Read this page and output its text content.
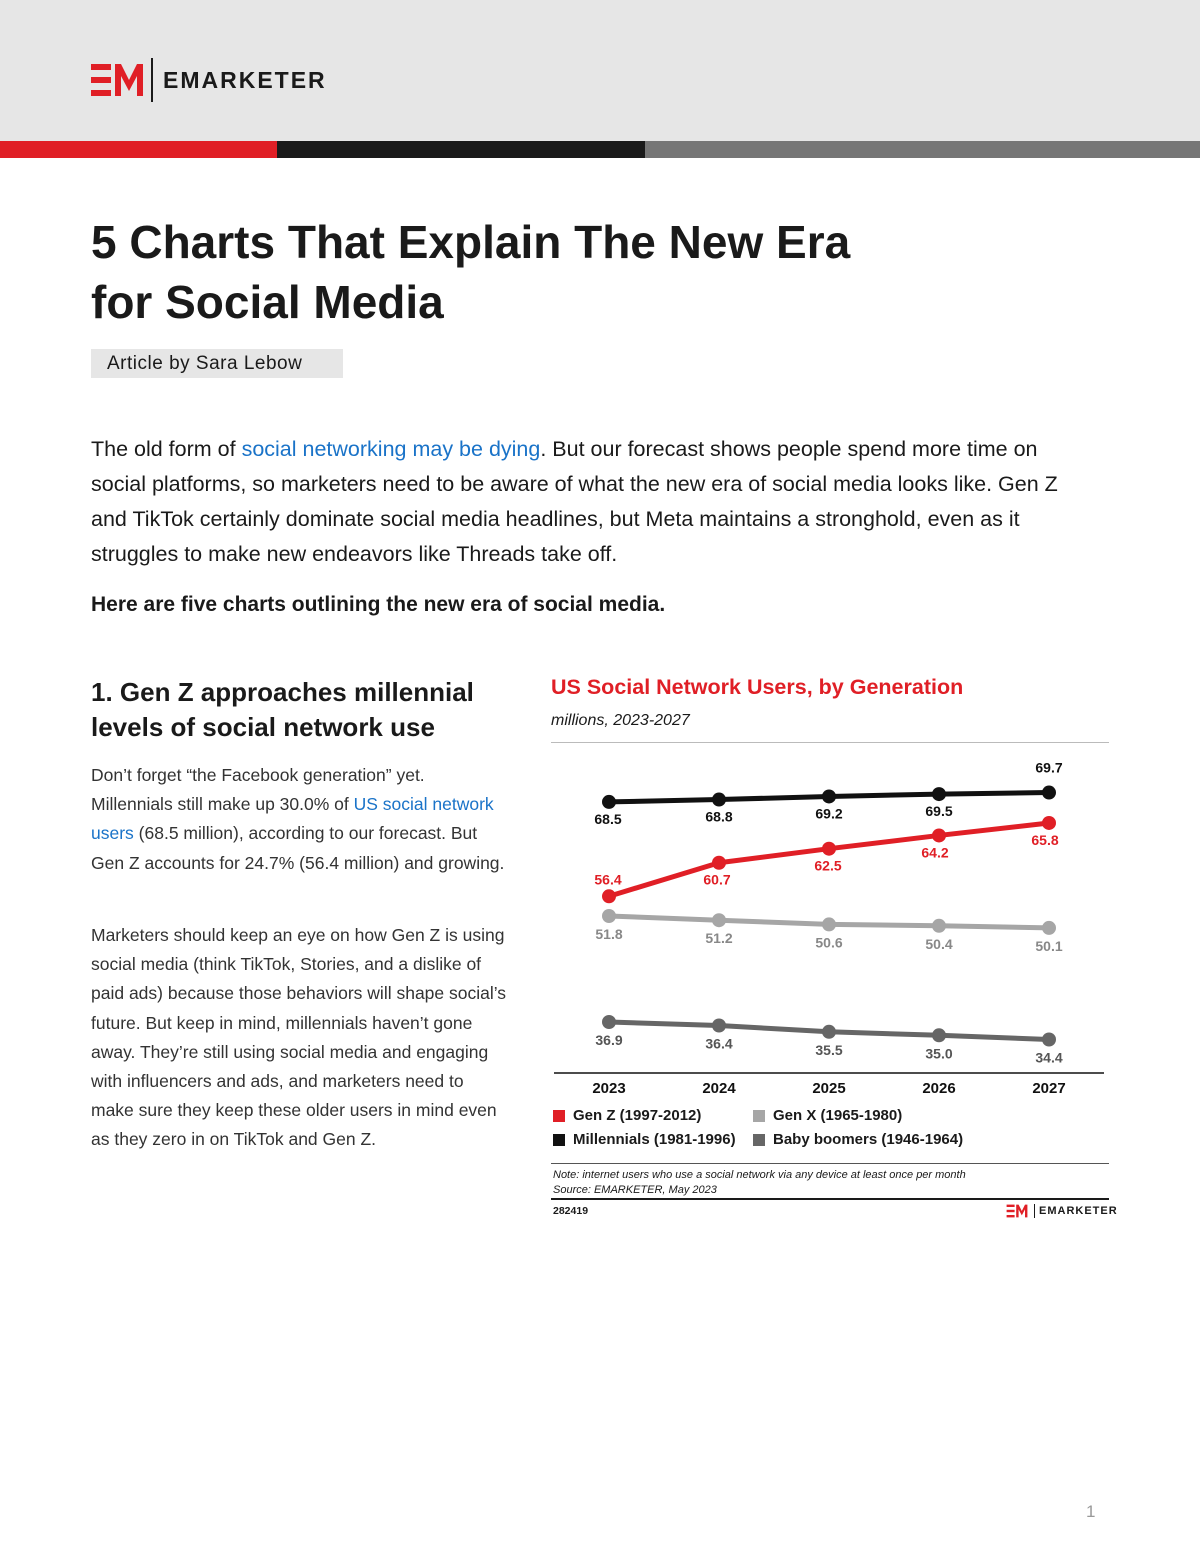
EMARKETER
5 Charts That Explain The New Era
for Social Media
Article by Sara Lebow

The old form of social networking may be dying. But our forecast shows people spend more time on social platforms, so marketers need to be aware of what the new era of social media looks like. Gen Z and TikTok certainly dominate social media headlines, but Meta maintains a stronghold, even as it struggles to make new endeavors like Threads take off.

Here are five charts outlining the new era of social media.

1. Gen Z approaches millennial levels of social network use

Don’t forget “the Facebook generation” yet. Millennials still make up 30.0% of US social network users (68.5 million), according to our forecast. But Gen Z accounts for 24.7% (56.4 million) and growing.

Marketers should keep an eye on how Gen Z is using social media (think TikTok, Stories, and a dislike of paid ads) because those behaviors will shape social’s future. But keep in mind, millennials haven’t gone away. They’re still using social media and engaging with influencers and ads, and marketers need to make sure they keep these older users in mind even as they zero in on TikTok and Gen Z.

US Social Network Users, by Generation
millions, 2023-2027
68.5	68.8	69.2	69.5
69.7
56.4	60.7
62.5
64.2
65.8
51.8	51.2	50.6	50.4	50.1
36.9	36.4	35.5	35.0	34.4
2023	2024	2025	2026	2027
Gen Z (1997-2012)	Gen X (1965-1980)
Millennials (1981-1996) Baby boomers (1946-1964)
Note: internet users who use a social network via any device at least once per month
Source: EMARKETER, May 2023
282419	EMARKETER
1
